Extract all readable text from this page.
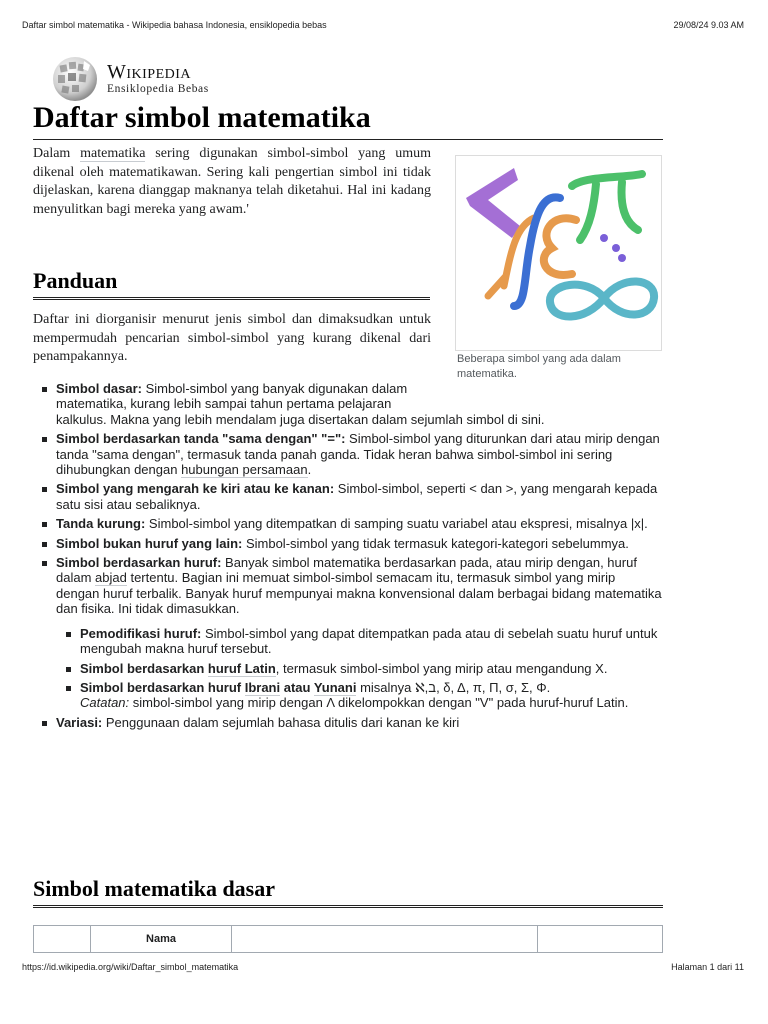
Daftar simbol matematika - Wikipedia bahasa Indonesia, ensiklopedia bebas	29/08/24 9.03 AM
Wikipedia
Ensiklopedia Bebas
Daftar simbol matematika

Dalam matematika sering digunakan simbol-simbol yang umum dikenal oleh matematikawan. Sering kali pengertian simbol ini tidak dijelaskan, karena dianggap maknanya telah diketahui. Hal ini kadang menyulitkan bagi mereka yang awam.'

Beberapa simbol yang ada dalam matematika.
Panduan

Daftar ini diorganisir menurut jenis simbol dan dimaksudkan untuk mempermudah pencarian simbol-simbol yang kurang dikenal dari penampakannya.

Simbol dasar: Simbol-simbol yang banyak digunakan dalam matematika, kurang lebih sampai tahun pertama pelajaran kalkulus. Makna yang lebih mendalam juga disertakan dalam sejumlah simbol di sini.
Simbol berdasarkan tanda "sama dengan" "=": Simbol-simbol yang diturunkan dari atau mirip dengan tanda "sama dengan", termasuk tanda panah ganda. Tidak heran bahwa simbol-simbol ini sering dihubungkan dengan hubungan persamaan.
Simbol yang mengarah ke kiri atau ke kanan: Simbol-simbol, seperti < dan >, yang mengarah kepada satu sisi atau sebaliknya.
Tanda kurung: Simbol-simbol yang ditempatkan di samping suatu variabel atau ekspresi, misalnya |x|.
Simbol bukan huruf yang lain: Simbol-simbol yang tidak termasuk kategori-kategori sebelummya.
Simbol berdasarkan huruf: Banyak simbol matematika berdasarkan pada, atau mirip dengan, huruf dalam abjad tertentu. Bagian ini memuat simbol-simbol semacam itu, termasuk simbol yang mirip dengan huruf terbalik. Banyak huruf mempunyai makna konvensional dalam berbagai bidang matematika dan fisika. Ini tidak dimasukkan.
Pemodifikasi huruf: Simbol-simbol yang dapat ditempatkan pada atau di sebelah suatu huruf untuk mengubah makna huruf tersebut.
Simbol berdasarkan huruf Latin, termasuk simbol-simbol yang mirip atau mengandung X.
Simbol berdasarkan huruf Ibrani atau Yunani misalnya ℵ,ב, δ, Δ, π, Π, σ, Σ, Φ.
Catatan: simbol-simbol yang mirip dengan Λ dikelompokkan dengan "V" pada huruf-huruf Latin.
Variasi: Penggunaan dalam sejumlah bahasa ditulis dari kanan ke kiri
Simbol matematika dasar
	Nama		
https://id.wikipedia.org/wiki/Daftar_simbol_matematika	Halaman 1 dari 11
